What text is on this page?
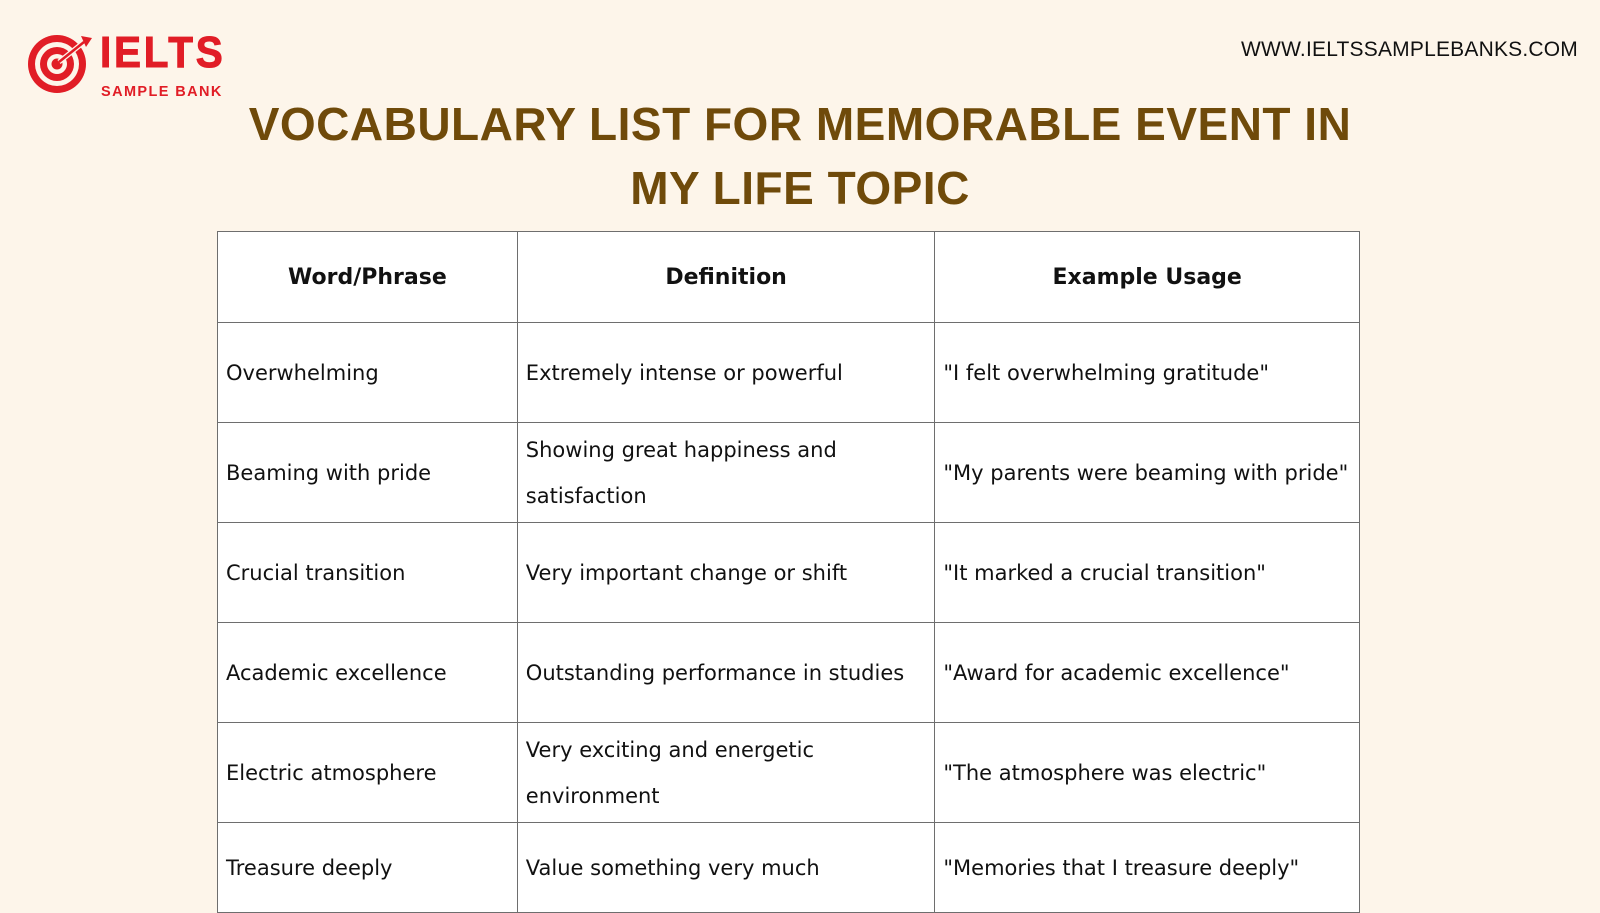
IELTS
SAMPLE BANK
WWW.IELTSSAMPLEBANKS.COM
VOCABULARY LIST FOR MEMORABLE EVENT IN
MY LIFE TOPIC
Word/Phrase	Definition	Example Usage
Overwhelming	Extremely intense or powerful	"I felt overwhelming gratitude"
Beaming with pride	Showing great happiness and satisfaction	"My parents were beaming with pride"
Crucial transition	Very important change or shift	"It marked a crucial transition"
Academic excellence	Outstanding performance in studies	"Award for academic excellence"
Electric atmosphere	Very exciting and energetic environment	"The atmosphere was electric"
Treasure deeply	Value something very much	"Memories that I treasure deeply"
